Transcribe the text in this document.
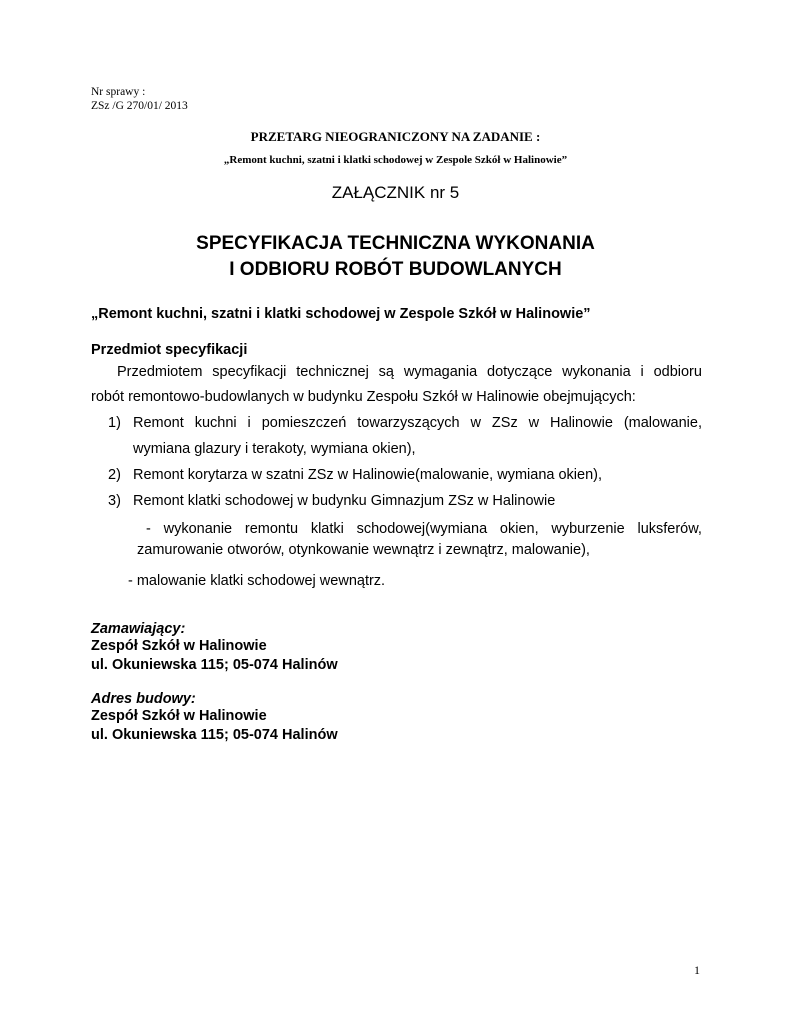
Nr sprawy :
ZSz /G 270/01/ 2013
PRZETARG NIEOGRANICZONY NA ZADANIE :
„Remont kuchni, szatni i klatki schodowej w Zespole Szkół w Halinowie”
ZAŁĄCZNIK nr 5
SPECYFIKACJA TECHNICZNA WYKONANIA
I ODBIORU ROBÓT BUDOWLANYCH
„Remont kuchni, szatni i klatki schodowej w Zespole Szkół w Halinowie”
Przedmiot specyfikacji
Przedmiotem specyfikacji technicznej są wymagania dotyczące wykonania i odbioru
robót remontowo-budowlanych w budynku Zespołu Szkół w Halinowie obejmujących:
1) Remont kuchni i pomieszczeń towarzyszących w ZSz w Halinowie (malowanie,
wymiana glazury i terakoty, wymiana okien),
2) Remont korytarza w szatni ZSz w Halinowie(malowanie, wymiana okien),
3) Remont klatki schodowej w budynku Gimnazjum ZSz w Halinowie
- wykonanie remontu klatki schodowej(wymiana okien, wyburzenie luksferów,
zamurowanie otworów, otynkowanie wewnątrz i zewnątrz, malowanie),
- malowanie klatki schodowej wewnątrz.
Zamawiający:
Zespół Szkół w Halinowie
ul. Okuniewska 115; 05-074 Halinów
Adres budowy:
Zespół Szkół w Halinowie
ul. Okuniewska 115; 05-074 Halinów
1
